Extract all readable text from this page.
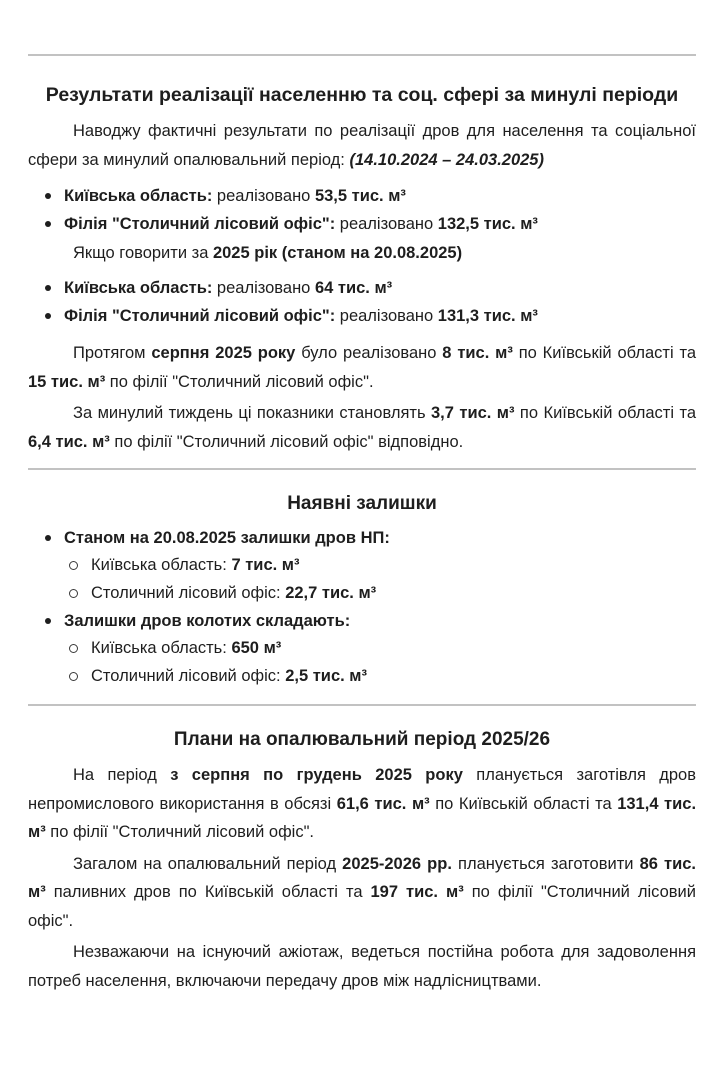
Результати реалізації населенню та соц. сфері за минулі періоди

Наводжу фактичні результати по реалізації дров для населення та соціальної сфери за минулий опалювальний період: (14.10.2024 – 24.03.2025)

Київська область: реалізовано 53,5 тис. м³
Філія "Столичний лісовий офіс": реалізовано 132,5 тис. м³

Якщо говорити за 2025 рік (станом на 20.08.2025)

Київська область: реалізовано 64 тис. м³
Філія "Столичний лісовий офіс": реалізовано 131,3 тис. м³

Протягом серпня 2025 року було реалізовано 8 тис. м³ по Київській області та 15 тис. м³ по філії "Столичний лісовий офіс".

За минулий тиждень ці показники становлять 3,7 тис. м³ по Київській області та 6,4 тис. м³ по філії "Столичний лісовий офіс" відповідно.

Наявні залишки
Станом на 20.08.2025 залишки дров НП:
Київська область: 7 тис. м³
Столичний лісовий офіс: 22,7 тис. м³
Залишки дров колотих складають:
Київська область: 650 м³
Столичний лісовий офіс: 2,5 тис. м³
Плани на опалювальний період 2025/26

На період з серпня по грудень 2025 року планується заготівля дров непромислового використання в обсязі 61,6 тис. м³ по Київській області та 131,4 тис. м³ по філії "Столичний лісовий офіс".

Загалом на опалювальний період 2025-2026 рр. планується заготовити 86 тис. м³ паливних дров по Київській області та 197 тис. м³ по філії "Столичний лісовий офіс".

Незважаючи на існуючий ажіотаж, ведеться постійна робота для задоволення потреб населення, включаючи передачу дров між надлісництвами.
